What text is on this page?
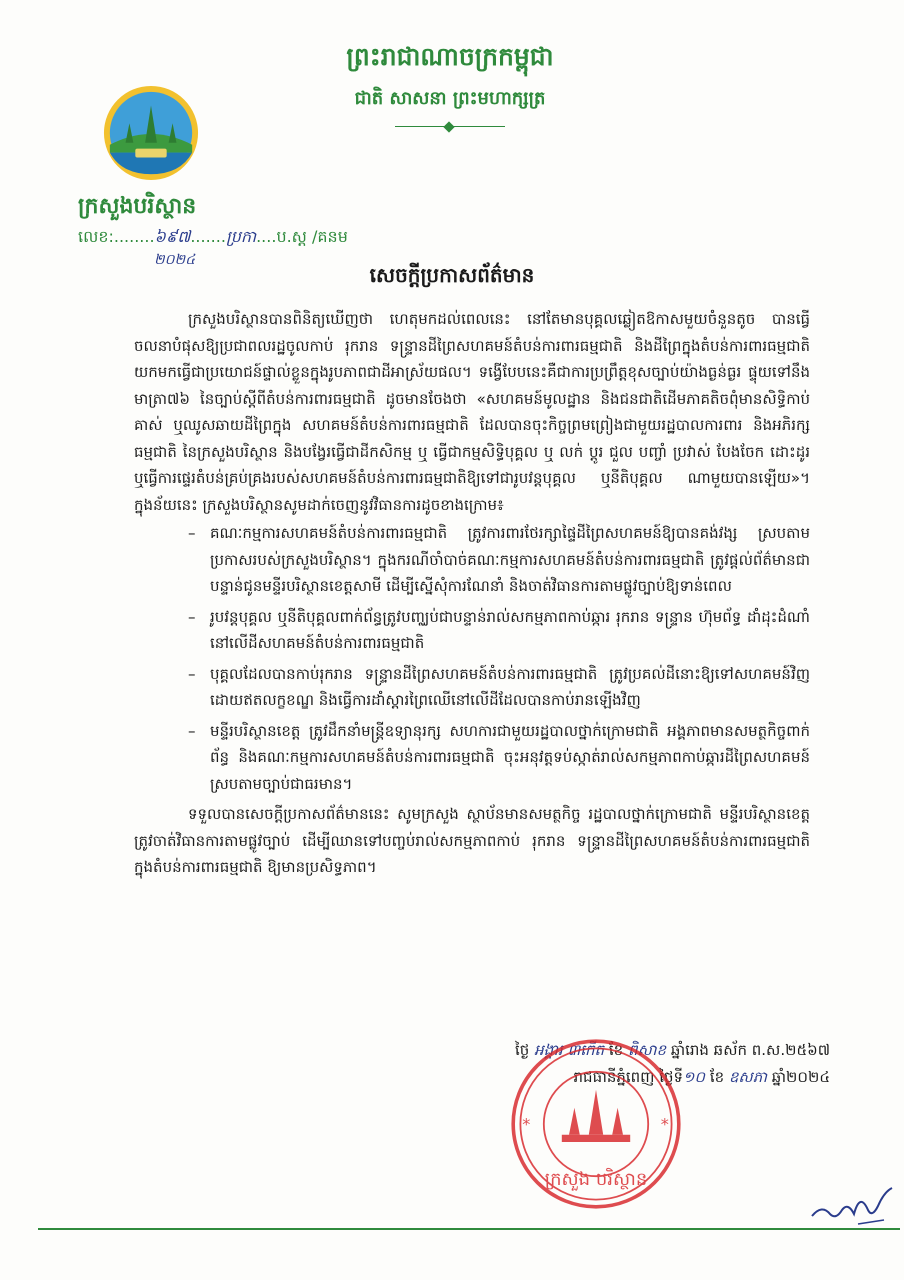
ព្រះរាជាណាចក្រកម្ពុជា
ជាតិ សាសនា ព្រះមហាក្សត្រ
ក្រសួងបរិស្ថាន
លេខ:........៦៩៧.......ប្រកា....ប.ស្ត /គនម
២០២៤
សេចក្តីប្រកាសព័ត៌មាន

ក្រសួងបរិស្ថានបានពិនិត្យឃើញថា ហេតុមកដល់ពេលនេះ នៅតែមានបុគ្គលឆ្លៀតឱកាសមួយចំនួនតូច បានធ្វើចលនាបំផុសឱ្យប្រជាពលរដ្ឋចូលកាប់ រុករាន ទន្ទ្រានដីព្រៃសហគមន៍តំបន់ការពារធម្មជាតិ និងដីព្រៃក្នុងតំបន់ការពារធម្មជាតិ យកមកធ្វើជាប្រយោជន៍ផ្ទាល់ខ្លួនក្នុងរូបភាពជាដីអាស្រ័យផល។ ទង្វើបែបនេះគឺជាការប្រព្រឹត្តខុសច្បាប់យ៉ាងធ្ងន់ធ្ងរ ផ្ទុយទៅនឹងមាត្រា៧៦ នៃច្បាប់ស្តីពីតំបន់ការពារធម្មជាតិ ដូចមានចែងថា «សហគមន៍មូលដ្ឋាន និងជនជាតិដើមភាគតិចពុំមានសិទ្ធិកាប់គាស់ ឬឈូសឆាយដីព្រៃក្នុង សហគមន៍តំបន់ការពារធម្មជាតិ ដែលបានចុះកិច្ចព្រមព្រៀងជាមួយរដ្ឋបាលការពារ និងអភិរក្សធម្មជាតិ នៃក្រសួងបរិស្ថាន និងបង្វែរធ្វើជាដីកសិកម្ម ឬ ធ្វើជាកម្មសិទ្ធិបុគ្គល ឬ លក់ ប្តូរ ជួល បញ្ចាំ ប្រវាស់ បែងចែក ដោះដូរ ឬធ្វើការផ្ទេរតំបន់គ្រប់គ្រងរបស់សហគមន៍តំបន់ការពារធម្មជាតិឱ្យទៅជារូបវន្តបុគ្គល ឬនីតិបុគ្គល ណាមួយបានឡើយ»។ ក្នុងន័យនេះ ក្រសួងបរិស្ថានសូមដាក់ចេញនូវវិធានការដូចខាងក្រោម៖

– គណៈកម្មការសហគមន៍តំបន់ការពារធម្មជាតិ ត្រូវការពារថែរក្សាផ្ទៃដីព្រៃសហគមន៍ឱ្យបានគង់វង្ស ស្របតាមប្រកាសរបស់ក្រសួងបរិស្ថាន។ ក្នុងករណីចាំបាច់គណៈកម្មការសហគមន៍តំបន់ការពារធម្មជាតិ ត្រូវផ្តល់ព័ត៌មានជាបន្ទាន់ជូនមន្ទីរបរិស្ថានខេត្តសាមី ដើម្បីស្នើសុំការណែនាំ និងចាត់វិធានការតាមផ្លូវច្បាប់ឱ្យទាន់ពេល
– រូបវន្តបុគ្គល ឬនីតិបុគ្គលពាក់ព័ន្ធត្រូវបញ្ឈប់ជាបន្ទាន់រាល់សកម្មភាពកាប់ឆ្ការ រុករាន ទន្ទ្រាន ហ៊ុមព័ទ្ធ ដាំដុះដំណាំនៅលើដីសហគមន៍តំបន់ការពារធម្មជាតិ
– បុគ្គលដែលបានកាប់រុករាន ទន្ទ្រានដីព្រៃសហគមន៍តំបន់ការពារធម្មជាតិ ត្រូវប្រគល់ដីនោះឱ្យទៅសហគមន៍វិញដោយឥតលក្ខខណ្ឌ និងធ្វើការដាំស្តារព្រៃឈើនៅលើដីដែលបានកាប់រានឡើងវិញ
– មន្ទីរបរិស្ថានខេត្ត ត្រូវដឹកនាំមន្ត្រីឧទ្យានុរក្ស សហការជាមួយរដ្ឋបាលថ្នាក់ក្រោមជាតិ អង្គភាពមានសមត្ថកិច្ចពាក់ព័ន្ធ និងគណៈកម្មការសហគមន៍តំបន់ការពារធម្មជាតិ ចុះអនុវត្តទប់ស្កាត់រាល់សកម្មភាពកាប់ឆ្ការដីព្រៃសហគមន៍ ស្របតាមច្បាប់ជាធរមាន។

ទទួលបានសេចក្តីប្រកាសព័ត៌មាននេះ សូមក្រសួង ស្ថាប័នមានសមត្ថកិច្ច រដ្ឋបាលថ្នាក់ក្រោមជាតិ មន្ទីរបរិស្ថានខេត្ត ត្រូវចាត់វិធានការតាមផ្លូវច្បាប់ ដើម្បីឈានទៅបញ្ចប់រាល់សកម្មភាពកាប់ រុករាន ទន្ទ្រានដីព្រៃសហគមន៍តំបន់ការពារធម្មជាតិ ក្នុងតំបន់ការពារធម្មជាតិ ឱ្យមានប្រសិទ្ធភាព។

ថ្ងៃ អង្គារ ៣កើត ខែ ពិសាខ ឆ្នាំរោង ឆស័ក ព.ស.២៥៦៧
រាជធានីភ្នំពេញ ថ្ងៃទី១០ ខែ ឧសភា ឆ្នាំ២០២៤
ក្រសួង បរិស្ថាន
*	*
